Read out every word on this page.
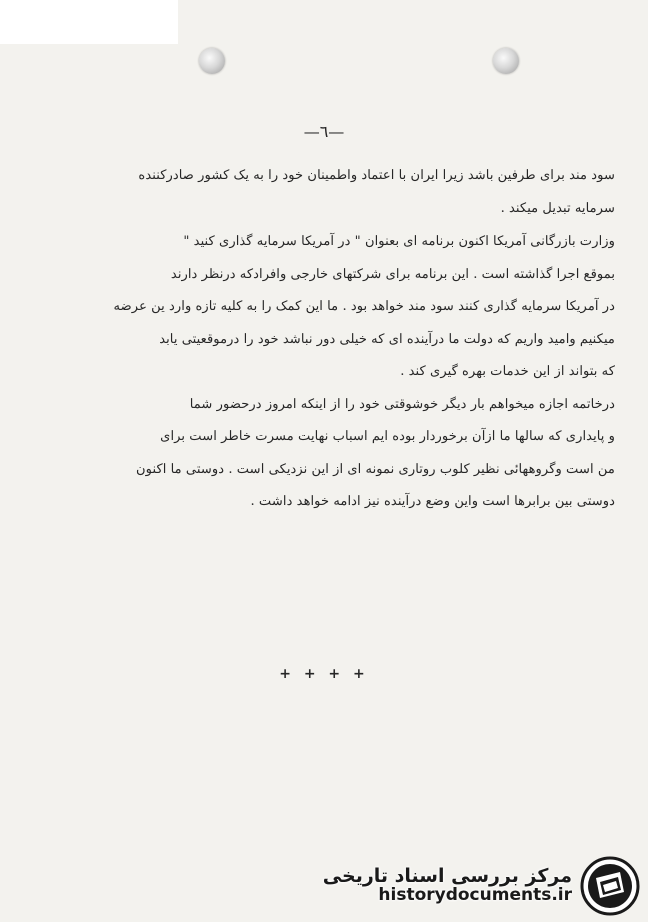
—٦—
سود مند برای طرفین باشد زیرا ایران با اعتماد واطمینان خود را به یک کشور صادرکننده
سرمایه تبدیل میکند .
وزارت بازرگانی آمریکا اکنون برنامه ای بعنوان " در آمریکا سرمایه گذاری کنید "
بموقع اجرا گذاشته است . این برنامه برای شرکتهای خارجی وافرادکه درنظر دارند
در آمریکا سرمایه گذاری کنند سود مند خواهد بود . ما این کمک را به کلیه تازه وارد ین عرضه
میکنیم وامید واریم که دولت ما درآینده ای که خیلی دور نباشد خود را درموقعیتی یابد
که بتواند از این خدمات بهره گیری کند .
درخاتمه اجازه میخواهم بار دیگر خوشوقتی خود را از اینکه امروز درحضور شما
و پایداری که سالها ما ازآن برخوردار بوده ایم اسباب نهایت مسرت خاطر است برای
من است وگروههائی نظیر کلوب روتاری نمونه ای از این نزدیکی است . دوستی ما اکنون
دوستی بین برابرها است واین وضع درآینده نیز ادامه خواهد داشت .
+ + + +
مرکز بررسی اسناد تاریخی
historydocuments.ir
